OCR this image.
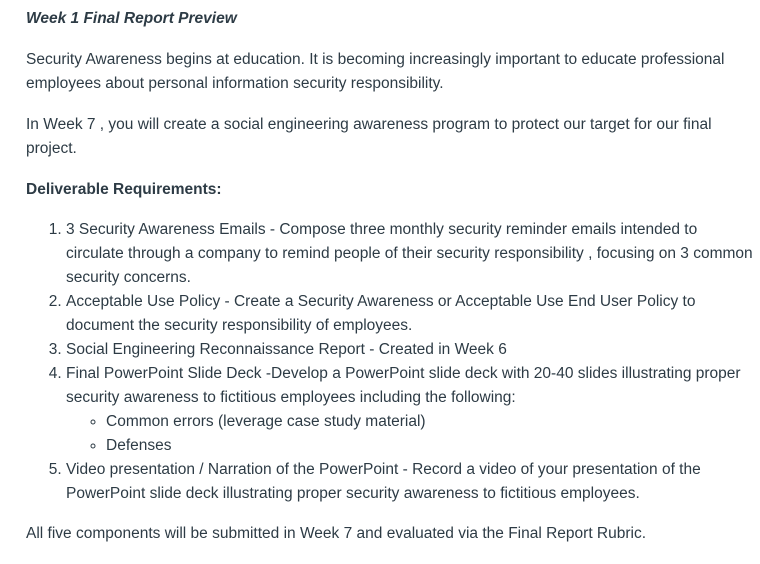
Week 1 Final Report Preview

Security Awareness begins at education. It is becoming increasingly important to educate professional employees about personal information security responsibility.

In Week 7 , you will create a social engineering awareness program to protect our target for our final project.

Deliverable Requirements:
1. 3 Security Awareness Emails - Compose three monthly security reminder emails intended to circulate through a company to remind people of their security responsibility , focusing on 3 common security concerns.
2. Acceptable Use Policy - Create a Security Awareness or Acceptable Use End User Policy to document the security responsibility of employees.
3. Social Engineering Reconnaissance Report - Created in Week 6
4. Final PowerPoint Slide Deck -Develop a PowerPoint slide deck with 20-40 slides illustrating proper security awareness to fictitious employees including the following:
◦ Common errors (leverage case study material)
◦ Defenses
5. Video presentation / Narration of the PowerPoint - Record a video of your presentation of the PowerPoint slide deck illustrating proper security awareness to fictitious employees.

All five components will be submitted in Week 7 and evaluated via the Final Report Rubric.
